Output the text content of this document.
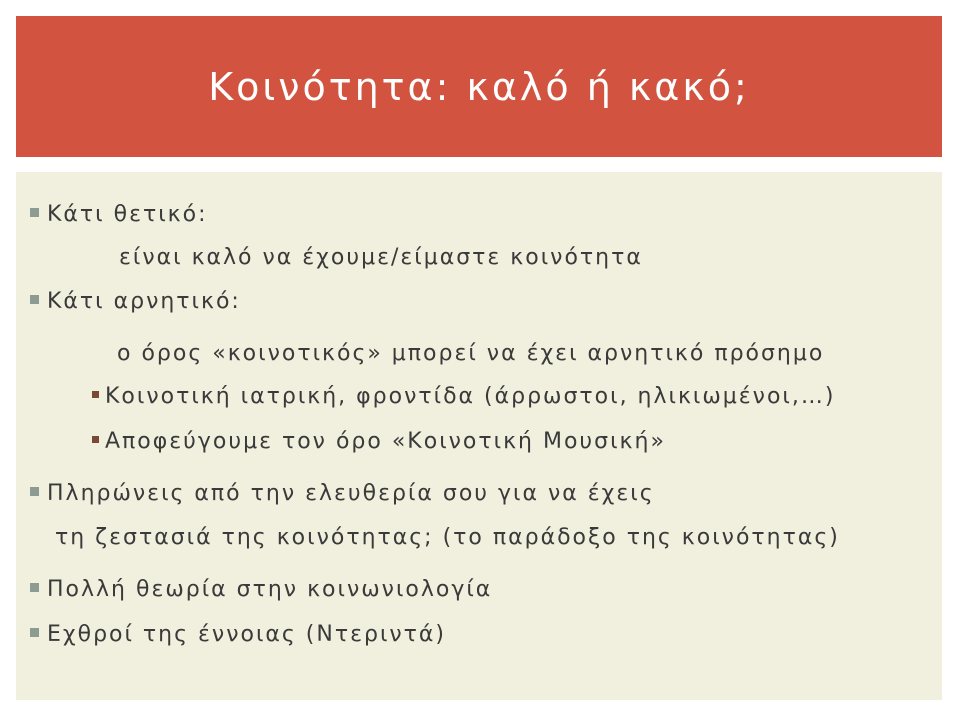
Κοινότητα: καλό ή κακό;
Κάτι θετικό:
είναι καλό να έχουμε/είμαστε κοινότητα
Κάτι αρνητικό:
ο όρος «κοινοτικός» μπορεί να έχει αρνητικό πρόσημο
Κοινοτική ιατρική, φροντίδα (άρρωστοι, ηλικιωμένοι,…)
Αποφεύγουμε τον όρο «Κοινοτική Μουσική»
Πληρώνεις από την ελευθερία σου για να έχεις
τη ζεστασιά της κοινότητας; (το παράδοξο της κοινότητας)
Πολλή θεωρία στην κοινωνιολογία
Εχθροί της έννοιας (Ντεριντά)
